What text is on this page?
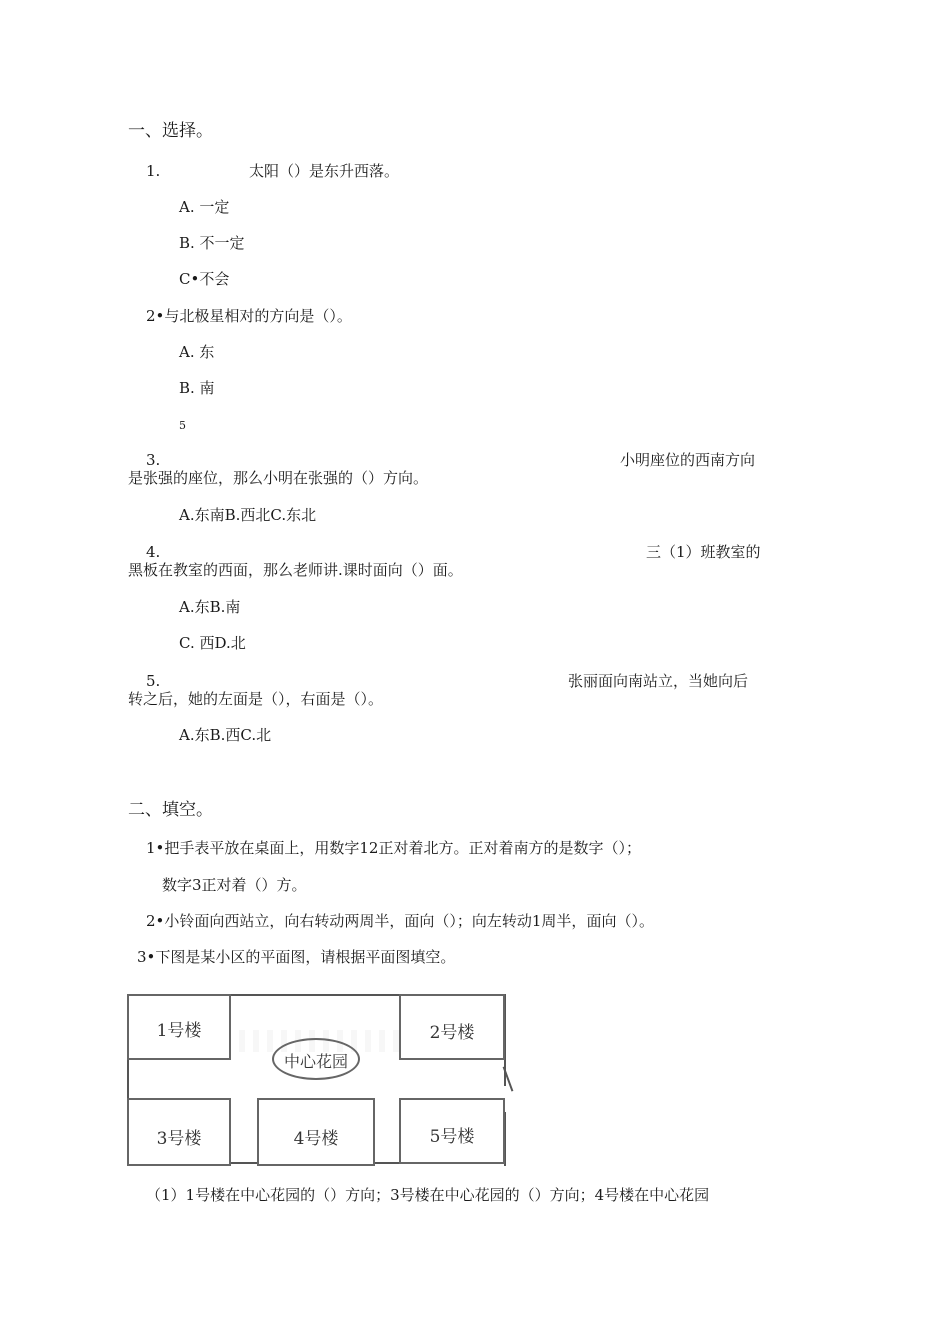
一、选择。
1.	太阳（）是东升西落。
A. 一定
B. 不一定
C•不会
2•与北极星相对的方向是（）。
A. 东
B. 南
5
3.	小明座位的西南方向
是张强的座位，那么小明在张强的（）方向。
A.东南B.西北C.东北
4.	三（1）班教室的
黑板在教室的西面，那么老师讲.课时面向（）面。
A.东B.南
C. 西D.北
5.	张丽面向南站立，当她向后
转之后，她的左面是（），右面是（）。
A.东B.西C.北
二、填空。
1•把手表平放在桌面上，用数字12正对着北方。正对着南方的是数字（）；
数字3正对着（）方。
2•小铃面向西站立，向右转动两周半，面向（）；向左转动1周半，面向（）。
3•下图是某小区的平面图，请根据平面图填空。
1号楼	2号楼
中心花园
3号楼	4号楼	5号楼
（1）1号楼在中心花园的（）方向；3号楼在中心花园的（）方向；4号楼在中心花园
